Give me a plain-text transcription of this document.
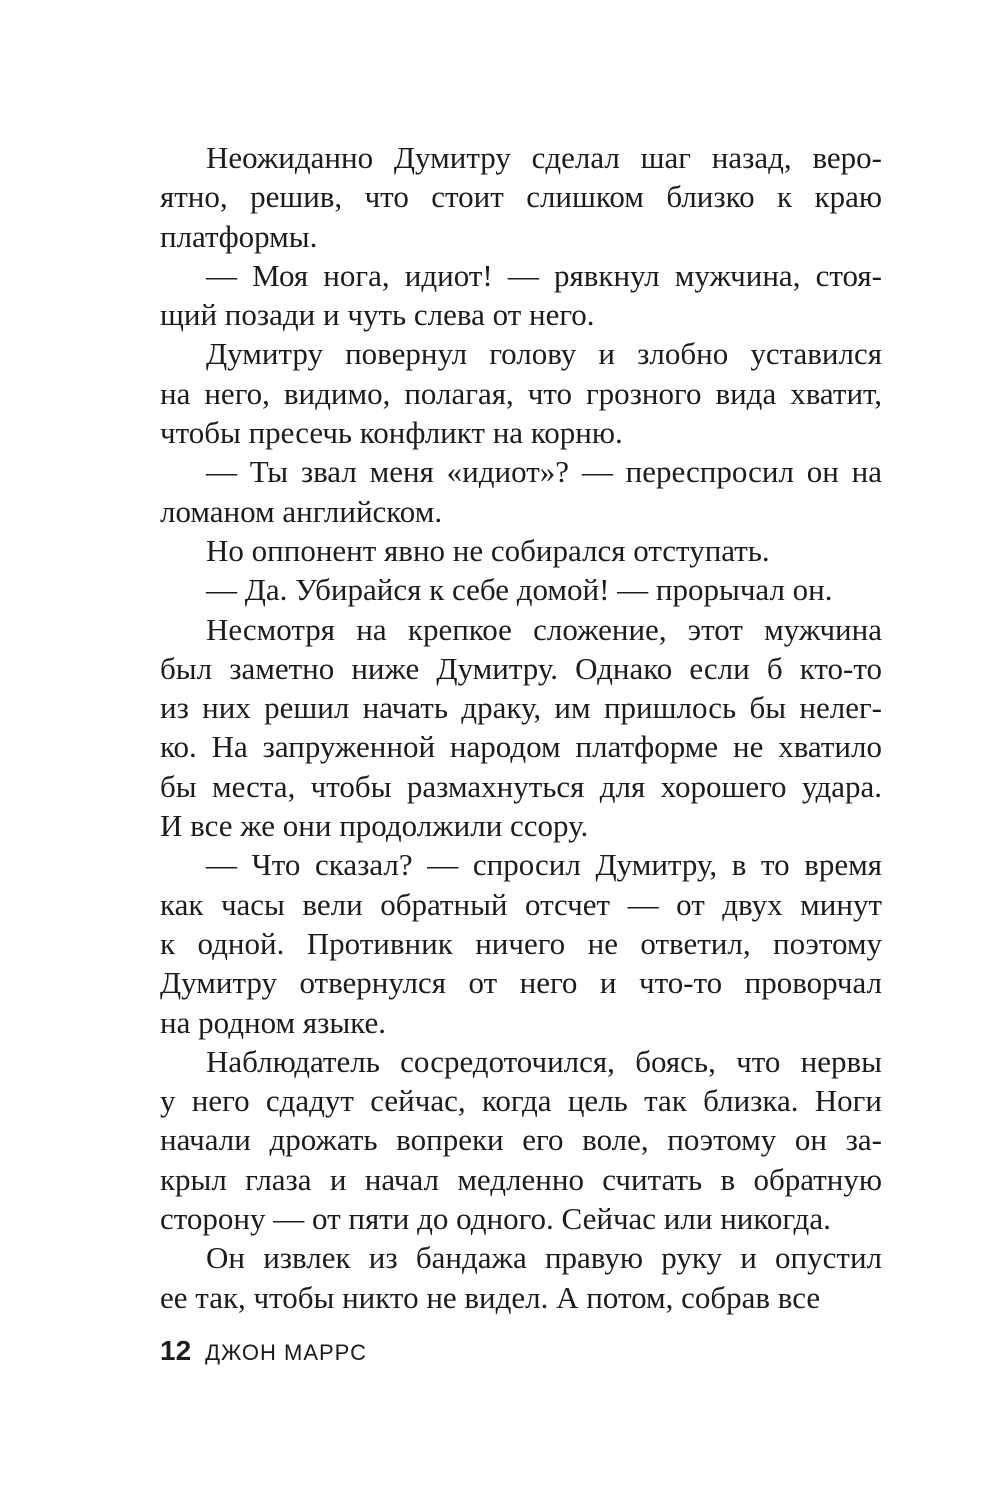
Неожиданно Думитру сделал шаг назад, веро-
ятно, решив, что стоит слишком близко к краю
платформы.
— Моя нога, идиот! — рявкнул мужчина, стоя-
щий позади и чуть слева от него.
Думитру повернул голову и злобно уставился
на него, видимо, полагая, что грозного вида хватит,
чтобы пресечь конфликт на корню.
— Ты звал меня «идиот»? — переспросил он на
ломаном английском.
Но оппонент явно не собирался отступать.
— Да. Убирайся к себе домой! — прорычал он.
Несмотря на крепкое сложение, этот мужчина
был заметно ниже Думитру. Однако если б кто-то
из них решил начать драку, им пришлось бы нелег-
ко. На запруженной народом платформе не хватило
бы места, чтобы размахнуться для хорошего удара.
И все же они продолжили ссору.
— Что сказал? — спросил Думитру, в то время
как часы вели обратный отсчет — от двух минут
к одной. Противник ничего не ответил, поэтому
Думитру отвернулся от него и что-то проворчал
на родном языке.
Наблюдатель сосредоточился, боясь, что нервы
у него сдадут сейчас, когда цель так близка. Ноги
начали дрожать вопреки его воле, поэтому он за-
крыл глаза и начал медленно считать в обратную
сторону — от пяти до одного. Сейчас или никогда.
Он извлек из бандажа правую руку и опустил
ее так, чтобы никто не видел. А потом, собрав все
12 ДЖОН МАРРС
